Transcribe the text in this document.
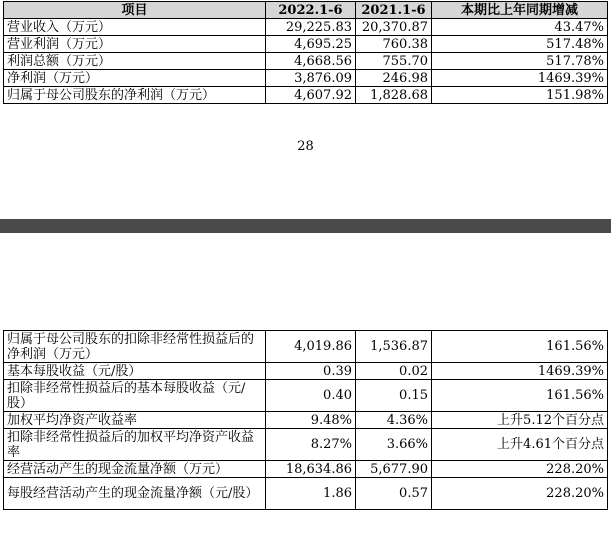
项目	2022.1-6	2021.1-6	本期比上年同期增减
营业收入（万元）	29,225.83	20,370.87	43.47%
营业利润（万元）	4,695.25	760.38	517.48%
利润总额（万元）	4,668.56	755.70	517.78%
净利润（万元）	3,876.09	246.98	1469.39%
归属于母公司股东的净利润（万元）	4,607.92	1,828.68	151.98%
28
归属于母公司股东的扣除非经常性损益后的净利润（万元）	4,019.86	1,536.87	161.56%
基本每股收益（元/股）	0.39	0.02	1469.39%
扣除非经常性损益后的基本每股收益（元/股）	0.40	0.15	161.56%
加权平均净资产收益率	9.48%	4.36%	上升5.12个百分点
扣除非经常性损益后的加权平均净资产收益率	8.27%	3.66%	上升4.61个百分点
经营活动产生的现金流量净额（万元）	18,634.86	5,677.90	228.20%
每股经营活动产生的现金流量净额（元/股）	1.86	0.57	228.20%
